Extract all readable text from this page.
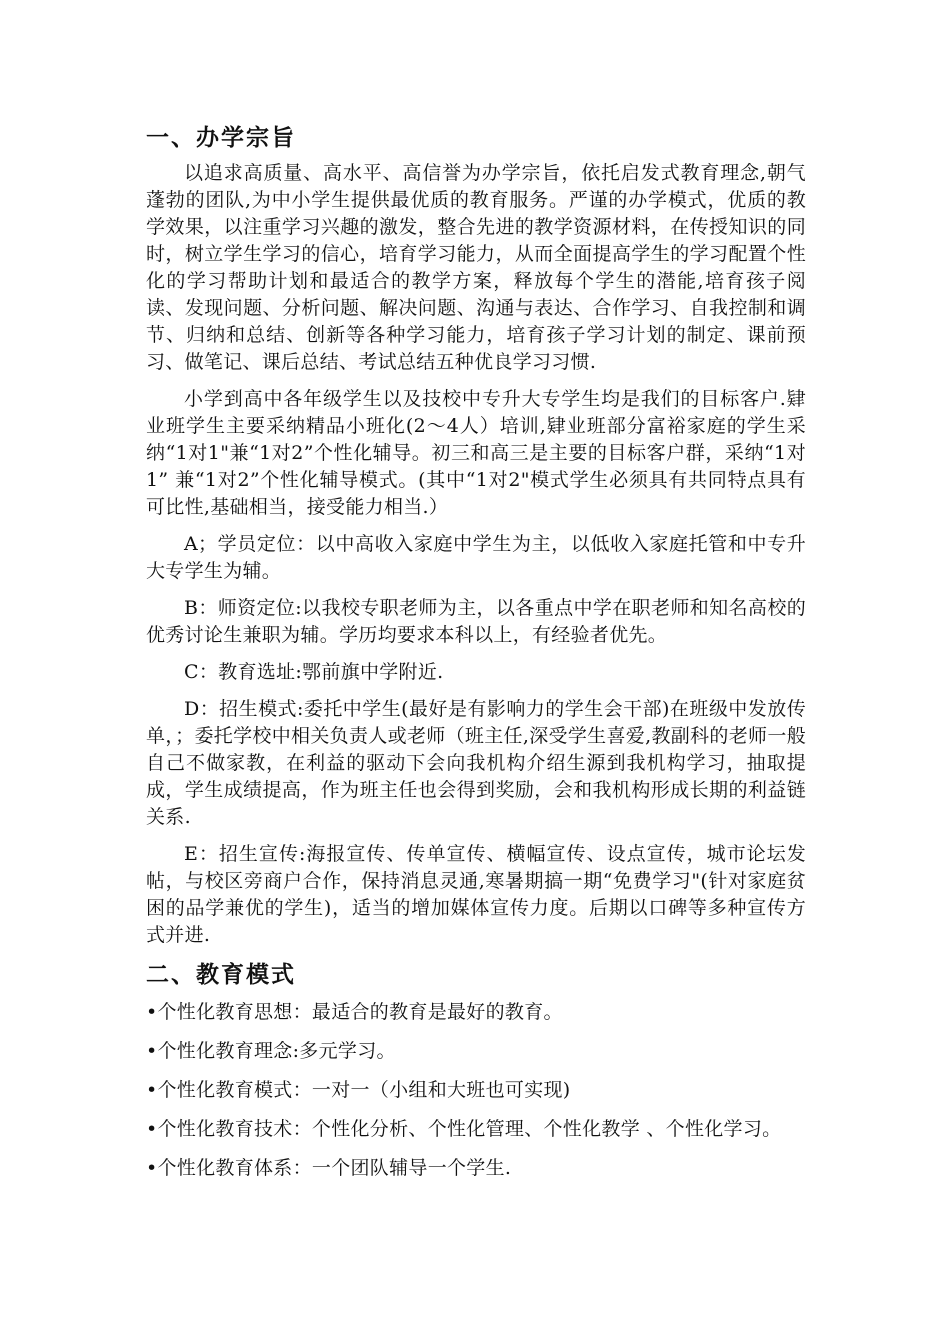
一、办学宗旨

以追求高质量、高水平、高信誉为办学宗旨，依托启发式教育理念,朝气蓬勃的团队,为中小学生提供最优质的教育服务。严谨的办学模式，优质的教学效果，以注重学习兴趣的激发，整合先进的教学资源材料，在传授知识的同时，树立学生学习的信心，培育学习能力，从而全面提高学生的学习配置个性化的学习帮助计划和最适合的教学方案，释放每个学生的潜能,培育孩子阅读、发现问题、分析问题、解决问题、沟通与表达、合作学习、自我控制和调节、归纳和总结、创新等各种学习能力，培育孩子学习计划的制定、课前预习、做笔记、课后总结、考试总结五种优良学习习惯.

小学到高中各年级学生以及技校中专升大专学生均是我们的目标客户.肄业班学生主要采纳精品小班化(2～4人）培训,肄业班部分富裕家庭的学生采纳“1对1"兼“1对2”个性化辅导。初三和高三是主要的目标客户群，采纳“1对1” 兼“1对2”个性化辅导模式。(其中“1对2"模式学生必须具有共同特点具有可比性,基础相当，接受能力相当.）

A；学员定位：以中高收入家庭中学生为主，以低收入家庭托管和中专升大专学生为辅。

B：师资定位:以我校专职老师为主，以各重点中学在职老师和知名高校的优秀讨论生兼职为辅。学历均要求本科以上，有经验者优先。

C：教育选址:鄂前旗中学附近.

D：招生模式:委托中学生(最好是有影响力的学生会干部)在班级中发放传单，；委托学校中相关负责人或老师（班主任,深受学生喜爱,教副科的老师一般自己不做家教，在利益的驱动下会向我机构介绍生源到我机构学习，抽取提成，学生成绩提高，作为班主任也会得到奖励，会和我机构形成长期的利益链关系.

E：招生宣传:海报宣传、传单宣传、横幅宣传、设点宣传，城市论坛发帖，与校区旁商户合作，保持消息灵通,寒暑期搞一期“免费学习"(针对家庭贫困的品学兼优的学生)，适当的增加媒体宣传力度。后期以口碑等多种宣传方式并进.

二、教育模式

•个性化教育思想：最适合的教育是最好的教育。

•个性化教育理念:多元学习。

•个性化教育模式：一对一（小组和大班也可实现)

•个性化教育技术：个性化分析、个性化管理、个性化教学 、个性化学习。

•个性化教育体系：一个团队辅导一个学生.
